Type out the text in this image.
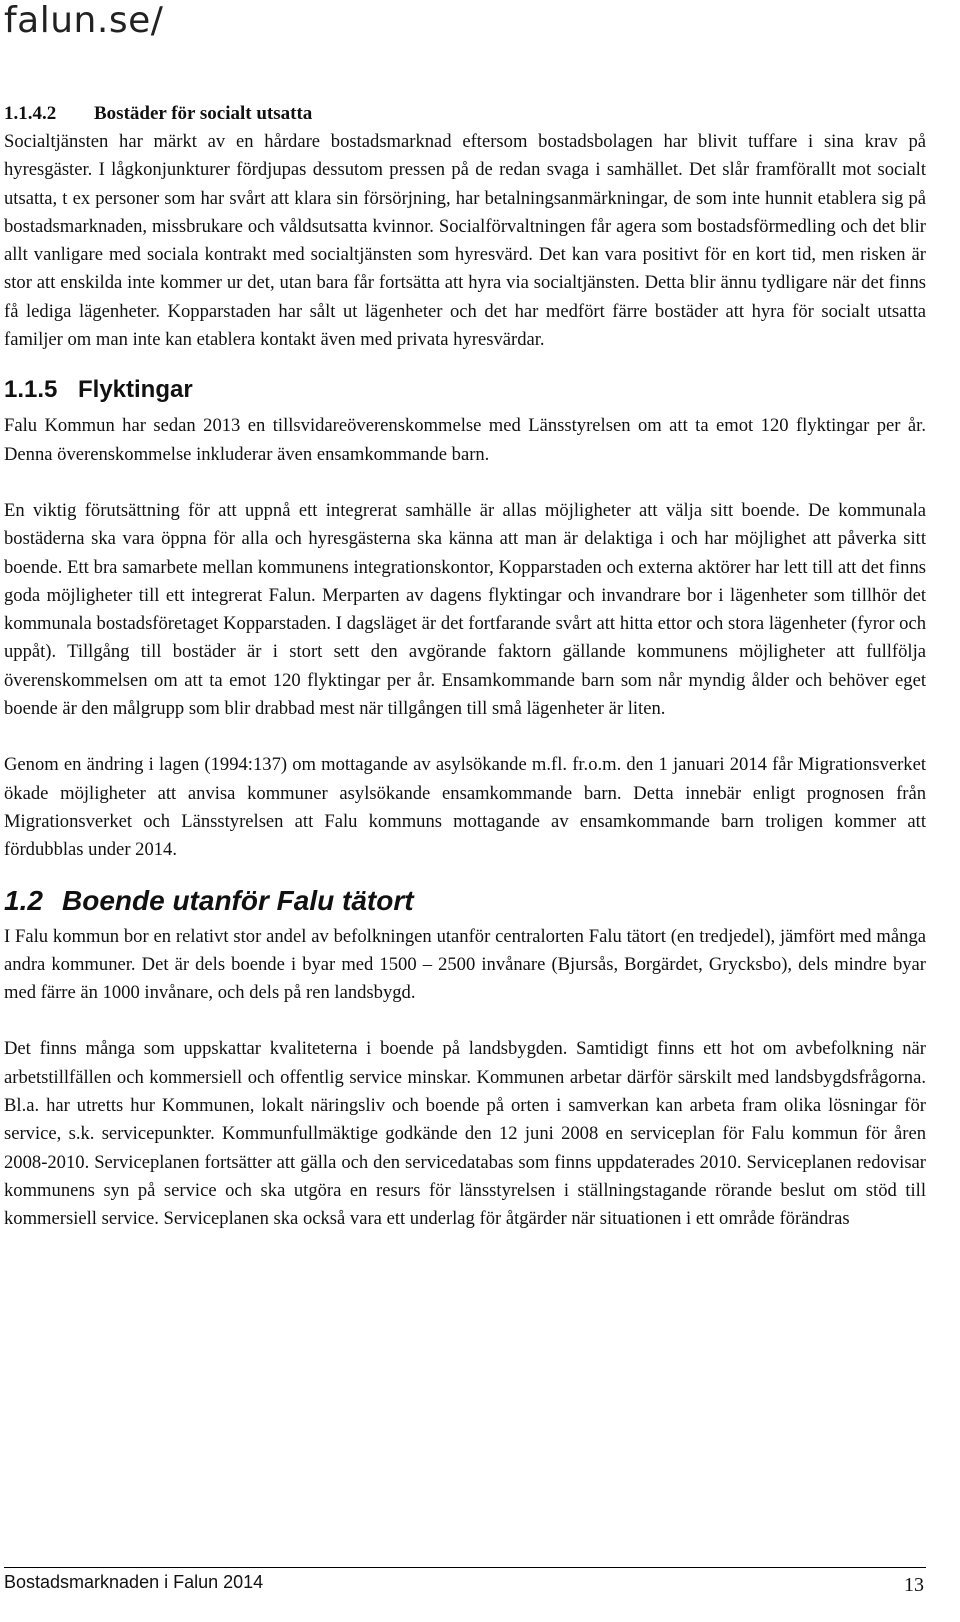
falun.se/
1.1.4.2 Bostäder för socialt utsatta

Socialtjänsten har märkt av en hårdare bostadsmarknad eftersom bostadsbolagen har blivit tuffare i sina krav på hyresgäster. I lågkonjunkturer fördjupas dessutom pressen på de redan svaga i samhället. Det slår framförallt mot socialt utsatta, t ex personer som har svårt att klara sin försörjning, har betalningsanmärkningar, de som inte hunnit etablera sig på bostadsmarknaden, missbrukare och våldsutsatta kvinnor. Socialförvaltningen får agera som bostadsförmedling och det blir allt vanligare med sociala kontrakt med socialtjänsten som hyresvärd. Det kan vara positivt för en kort tid, men risken är stor att enskilda inte kommer ur det, utan bara får fortsätta att hyra via socialtjänsten. Detta blir ännu tydligare när det finns få lediga lägenheter. Kopparstaden har sålt ut lägenheter och det har medfört färre bostäder att hyra för socialt utsatta familjer om man inte kan etablera kontakt även med privata hyresvärdar.

1.1.5 Flyktingar

Falu Kommun har sedan 2013 en tillsvidareöverenskommelse med Länsstyrelsen om att ta emot 120 flyktingar per år. Denna överenskommelse inkluderar även ensamkommande barn.

En viktig förutsättning för att uppnå ett integrerat samhälle är allas möjligheter att välja sitt boende. De kommunala bostäderna ska vara öppna för alla och hyresgästerna ska känna att man är delaktiga i och har möjlighet att påverka sitt boende. Ett bra samarbete mellan kommunens integrationskontor, Kopparstaden och externa aktörer har lett till att det finns goda möjligheter till ett integrerat Falun. Merparten av dagens flyktingar och invandrare bor i lägenheter som tillhör det kommunala bostadsföretaget Kopparstaden. I dagsläget är det fortfarande svårt att hitta ettor och stora lägenheter (fyror och uppåt). Tillgång till bostäder är i stort sett den avgörande faktorn gällande kommunens möjligheter att fullfölja överenskommelsen om att ta emot 120 flyktingar per år. Ensamkommande barn som når myndig ålder och behöver eget boende är den målgrupp som blir drabbad mest när tillgången till små lägenheter är liten.

Genom en ändring i lagen (1994:137) om mottagande av asylsökande m.fl. fr.o.m. den 1 januari 2014 får Migrationsverket ökade möjligheter att anvisa kommuner asylsökande ensamkommande barn. Detta innebär enligt prognosen från Migrationsverket och Länsstyrelsen att Falu kommuns mottagande av ensamkommande barn troligen kommer att fördubblas under 2014.

1.2 Boende utanför Falu tätort

I Falu kommun bor en relativt stor andel av befolkningen utanför centralorten Falu tätort (en tredjedel), jämfört med många andra kommuner. Det är dels boende i byar med 1500 – 2500 invånare (Bjursås, Borgärdet, Grycksbo), dels mindre byar med färre än 1000 invånare, och dels på ren landsbygd.

Det finns många som uppskattar kvaliteterna i boende på landsbygden. Samtidigt finns ett hot om avbefolkning när arbetstillfällen och kommersiell och offentlig service minskar. Kommunen arbetar därför särskilt med landsbygdsfrågorna. Bl.a. har utretts hur Kommunen, lokalt näringsliv och boende på orten i samverkan kan arbeta fram olika lösningar för service, s.k. servicepunkter. Kommunfullmäktige godkände den 12 juni 2008 en serviceplan för Falu kommun för åren 2008-2010. Serviceplanen fortsätter att gälla och den servicedatabas som finns uppdaterades 2010. Serviceplanen redovisar kommunens syn på service och ska utgöra en resurs för länsstyrelsen i ställningstagande rörande beslut om stöd till kommersiell service. Serviceplanen ska också vara ett underlag för åtgärder när situationen i ett område förändras

Bostadsmarknaden i Falun 2014	13
